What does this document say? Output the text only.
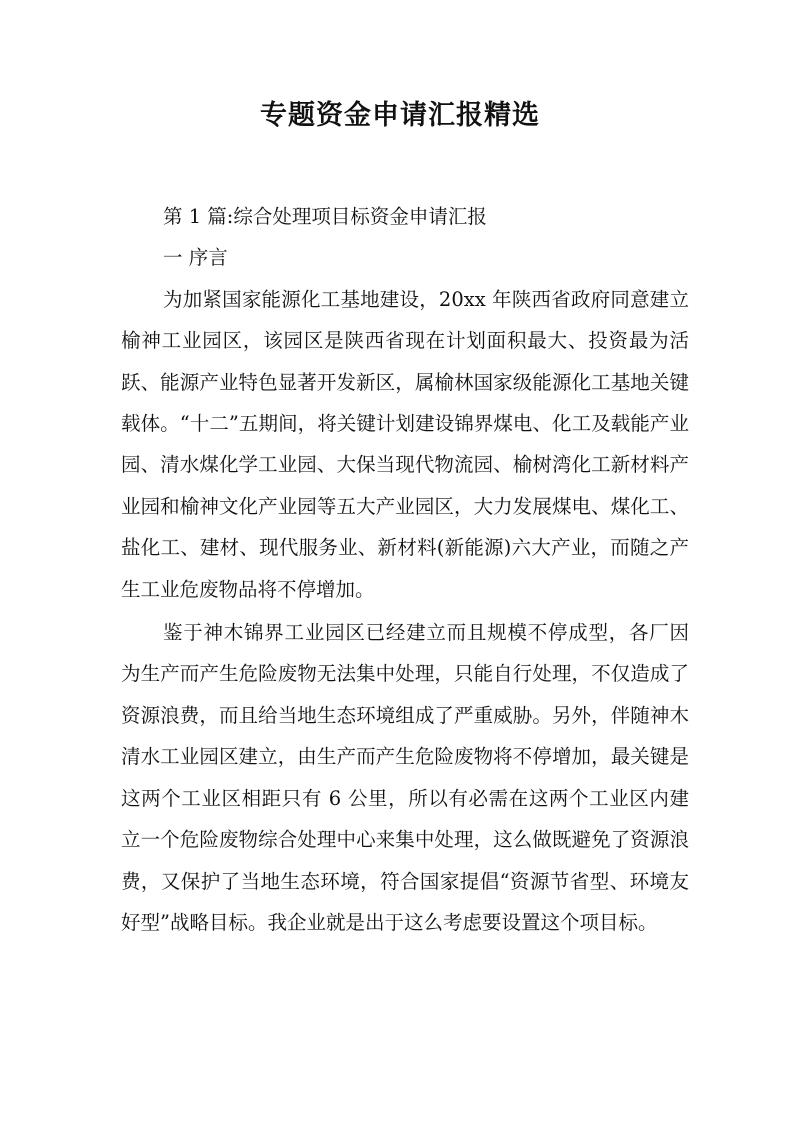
专题资金申请汇报精选

第 1 篇:综合处理项目标资金申请汇报

一 序言

为加紧国家能源化工基地建设，20xx 年陕西省政府同意建立榆神工业园区，该园区是陕西省现在计划面积最大、投资最为活跃、能源产业特色显著开发新区，属榆林国家级能源化工基地关键载体。“十二”五期间，将关键计划建设锦界煤电、化工及载能产业园、清水煤化学工业园、大保当现代物流园、榆树湾化工新材料产业园和榆神文化产业园等五大产业园区，大力发展煤电、煤化工、盐化工、建材、现代服务业、新材料(新能源)六大产业，而随之产生工业危废物品将不停增加。

鉴于神木锦界工业园区已经建立而且规模不停成型，各厂因为生产而产生危险废物无法集中处理，只能自行处理，不仅造成了资源浪费，而且给当地生态环境组成了严重威胁。另外，伴随神木清水工业园区建立，由生产而产生危险废物将不停增加，最关键是这两个工业区相距只有 6 公里，所以有必需在这两个工业区内建立一个危险废物综合处理中心来集中处理，这么做既避免了资源浪费，又保护了当地生态环境，符合国家提倡“资源节省型、环境友好型”战略目标。我企业就是出于这么考虑要设置这个项目标。
